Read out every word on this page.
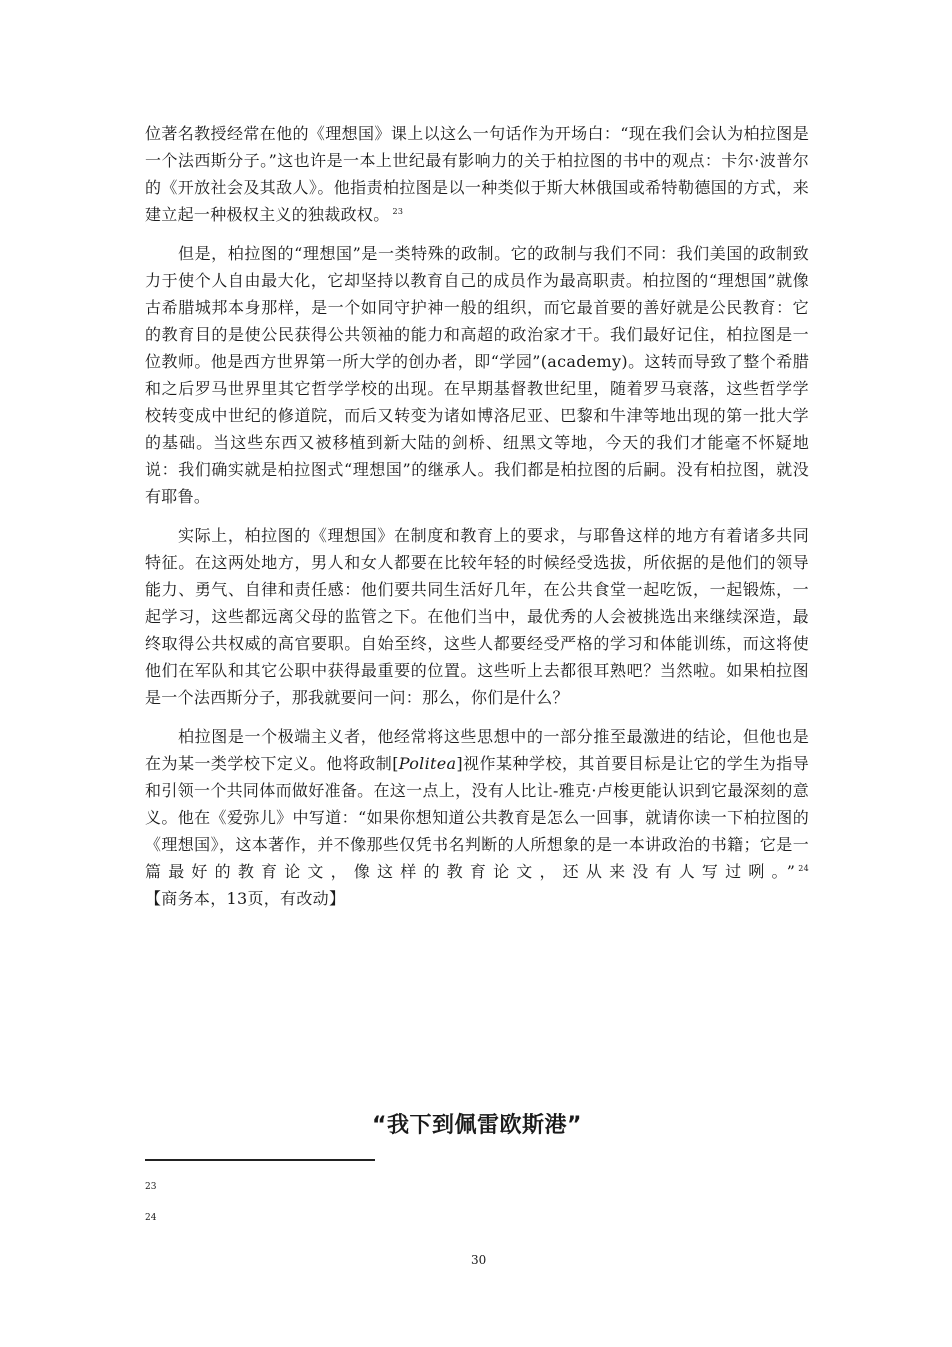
位著名教授经常在他的《理想国》课上以这么一句话作为开场白：“现在我们会认为柏拉图是一个法西斯分子。”这也许是一本上世纪最有影响力的关于柏拉图的书中的观点：卡尔·波普尔的《开放社会及其敌人》。他指责柏拉图是以一种类似于斯大林俄国或希特勒德国的方式，来建立起一种极权主义的独裁政权。 $^{23}$

但是，柏拉图的“理想国”是一类特殊的政制。它的政制与我们不同：我们美国的政制致力于使个人自由最大化，它却坚持以教育自己的成员作为最高职责。柏拉图的“理想国”就像古希腊城邦本身那样，是一个如同守护神一般的组织，而它最首要的善好就是公民教育：它的教育目的是使公民获得公共领袖的能力和高超的政治家才干。我们最好记住，柏拉图是一位教师。他是西方世界第一所大学的创办者，即“学园”(academy)。这转而导致了整个希腊和之后罗马世界里其它哲学学校的出现。在早期基督教世纪里，随着罗马衰落，这些哲学学校转变成中世纪的修道院，而后又转变为诸如博洛尼亚、巴黎和牛津等地出现的第一批大学的基础。当这些东西又被移植到新大陆的剑桥、纽黑文等地，今天的我们才能毫不怀疑地说：我们确实就是柏拉图式“理想国”的继承人。我们都是柏拉图的后嗣。没有柏拉图，就没有耶鲁。

实际上，柏拉图的《理想国》在制度和教育上的要求，与耶鲁这样的地方有着诸多共同特征。在这两处地方，男人和女人都要在比较年轻的时候经受选拔，所依据的是他们的领导能力、勇气、自律和责任感：他们要共同生活好几年，在公共食堂一起吃饭，一起锻炼，一起学习，这些都远离父母的监管之下。在他们当中，最优秀的人会被挑选出来继续深造，最终取得公共权威的高官要职。自始至终，这些人都要经受严格的学习和体能训练，而这将使他们在军队和其它公职中获得最重要的位置。这些听上去都很耳熟吧？当然啦。如果柏拉图是一个法西斯分子，那我就要问一问：那么，你们是什么？

柏拉图是一个极端主义者，他经常将这些思想中的一部分推至最激进的结论，但他也是在为某一类学校下定义。他将政制[Politea]视作某种学校，其首要目标是让它的学生为指导和引领一个共同体而做好准备。在这一点上，没有人比让-雅克·卢梭更能认识到它最深刻的意义。他在《爱弥儿》中写道：“如果你想知道公共教育是怎么一回事，就请你读一下柏拉图的《理想国》，这本著作，并不像那些仅凭书名判断的人所想象的是一本讲政治的书籍；它是一篇最好的教育论文，像这样的教育论文，还从来没有人写过咧。” $^{24}$【商务本，13页，有改动】

“我下到佩雷欧斯港”
23
24
30
